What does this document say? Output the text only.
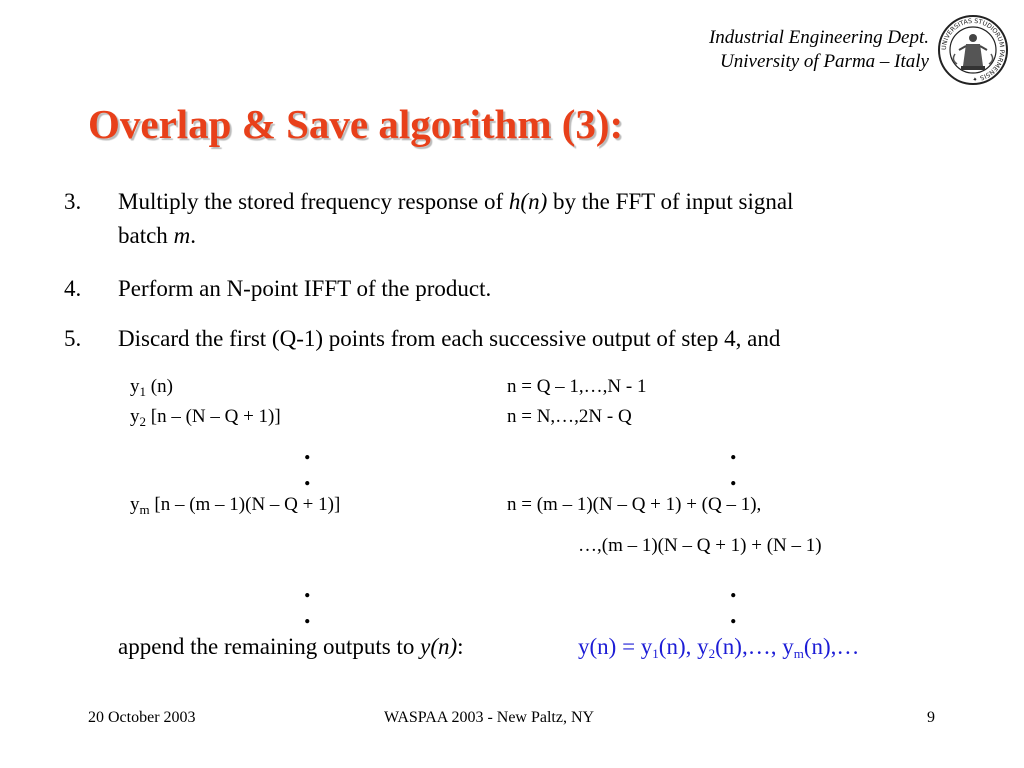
Industrial Engineering Dept.
University of Parma – Italy
UNIVERSITAS STUDIORUM PARMENSIS ✦
Overlap & Save algorithm (3):
3. Multiply the stored frequency response of h(n) by the FFT of input signal
batch m.
4. Perform an N-point IFFT of the product.
5. Discard the first (Q-1) points from each successive output of step 4, and
$y_1$ (n)	n = Q – 1,…,N - 1
$y_2$ [n – (N – Q + 1)]	n = N,…,2N - Q
.	.
.	.
$y_m$ [n – (m – 1)(N – Q + 1)]	n = (m – 1)(N – Q + 1) + (Q – 1),
…,(m – 1)(N – Q + 1) + (N – 1)
.	.
.	.
append the remaining outputs to y(n):	$y(n) = y_1(n)$, $y_2(n),\dots$, $y_m(n),\dots$
20 October 2003	WASPAA 2003 - New Paltz, NY	9
